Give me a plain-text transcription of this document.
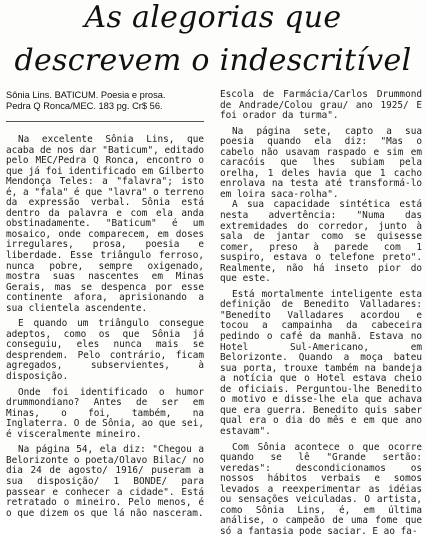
As alegorias que
descrevem o indescritível
Sônia Lins. BATICUM. Poesia e prosa.
Pedra Q Ronca/MEC. 183 pg. Cr$ 56.

Na excelente Sônia Lins, que acaba de nos dar "Baticum", editado pelo MEC/Pedra Q Ronca, encontro o que já foi identificado em Gilberto Mendonça Teles: a "falavra"; isto é, a "fala" é que "lavra" o terreno da expressão verbal. Sônia está dentro da palavra e com ela anda obstinadamente. "Baticum" é um mosaico, onde comparecem, em doses irregulares, prosa, poesia e liberdade. Esse triângulo ferroso, nunca pobre, sempre oxigenado, mostra suas nascentes em Minas Gerais, mas se despenca por esse continente afora, aprisionando a sua clientela ascendente.

E quando um triângulo consegue adeptos, como os que Sônia já conseguiu, eles nunca mais se desprendem. Pelo contrário, ficam agregados, subservientes, à disposição.

Onde foi identificado o humor drummondiano? Antes de ser em Minas, o foi, também, na Inglaterra. O de Sônia, ao que sei, é visceralmente mineiro.

Na página 54, ela diz: "Chegou a Belorizonte o poeta/Olavo Bilac/ no dia 24 de agosto/ 1916/ puseram a sua disposição/ 1 BONDE/ para passear e conhecer a cidade". Está retratado o mineiro. Pelo menos, é o que dizem os que lá não nasceram.

Escola de Farmácia/Carlos Drummond de Andrade/Colou grau/ ano 1925/ E foi orador da turma".

Na página sete, capto a sua poesia quando ela diz: "Mas o cabelo não usavam raspado e sim em caracóis que lhes subiam pela orelha, 1 deles havia que 1 cacho enrolava na testa até transformá-lo em loira saca-rolha".

A sua capacidade sintética está nesta advertência: "Numa das extremidades do corredor, junto à sala de jantar como se quisesse comer, preso à parede com 1 suspiro, estava o telefone preto". Realmente, não há inseto pior do que este.

Está mortalmente inteligente esta definição de Benedito Valladares: "Benedito Valladares acordou e tocou a campainha da cabeceira pedindo o café da manhã. Estava no Hotel Sul-Americano, em Belorizonte. Quando a moça bateu sua porta, trouxe também na bandeja a notícia que o Hotel estava cheio de oficiais. Perguntou-lhe Benedito o motivo e disse-lhe ela que achava que era guerra. Benedito quis saber qual era o dia do mês e em que ano estavam".

Com Sônia acontece o que ocorre quando se lê "Grande sertão: veredas": descondicionamos os nossos hábitos verbais e somos levados a reexperimentar as idéias ou sensações veiculadas. O artista, como Sônia Lins, é, em última análise, o campeão de uma fome que só a fantasia pode saciar. E ao fa-
